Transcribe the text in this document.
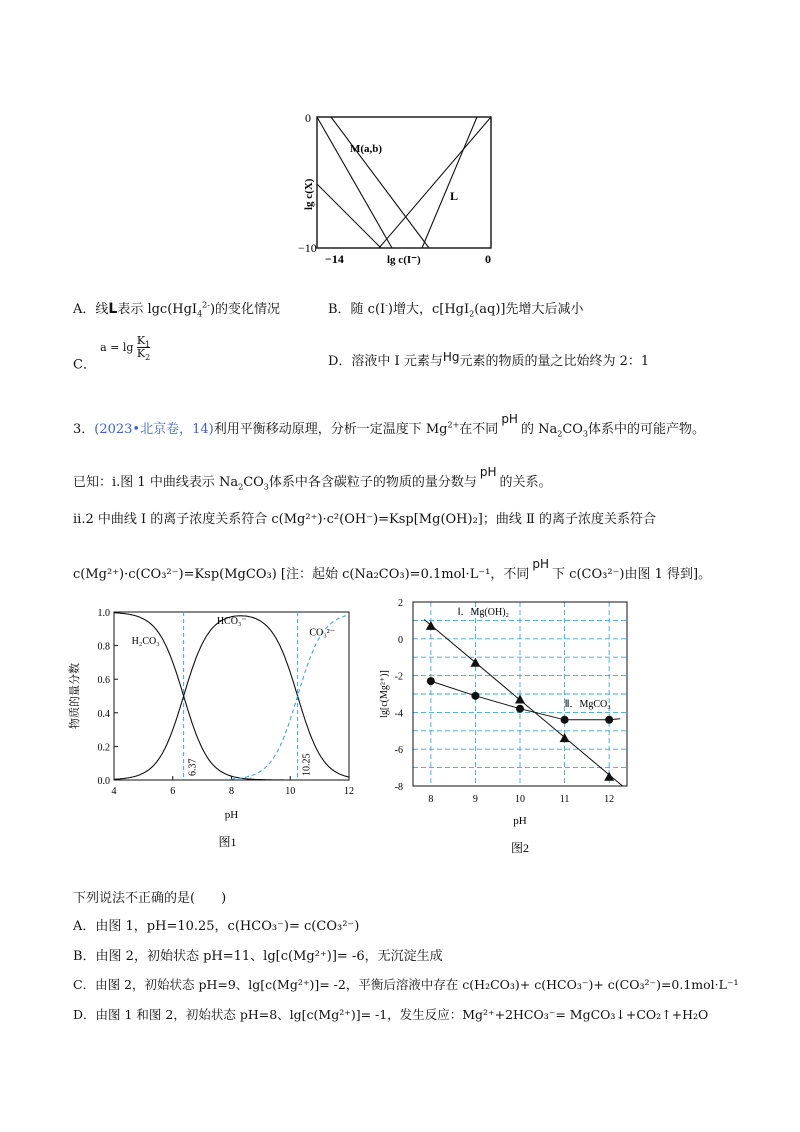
0
−10
−14	0
lg c(I⁻)
lg c(X)
M(a,b)
L
A．线L表示 lgc(HgI$_4^{2-}$)的变化情况	B．随 c(I-)增大，c[HgI$_2$(aq)]先增大后减小
C． $^{a = lg \frac{K_1}{K_2}}$
D．溶液中 I 元素与Hg元素的物质的量之比始终为 2：1
3．(2023•北京卷，14)利用平衡移动原理，分析一定温度下 $Mg^{2+}$在不同pH的 $Na_2CO_3$体系中的可能产物。
已知：i.图 1 中曲线表示 $Na_2CO_3$体系中各含碳粒子的物质的量分数与pH的关系。
ii.2 中曲线 Ⅰ 的离子浓度关系符合 c(Mg²⁺)·c²(OH⁻)=Ksp[Mg(OH)₂]；曲线 Ⅱ 的离子浓度关系符合
c(Mg²⁺)·c(CO₃²⁻)=Ksp(MgCO₃) [注：起始 c(Na₂CO₃)=0.1mol·L⁻¹，不同pH下 c(CO₃²⁻)由图 1 得到]。
4	6	8	10	12
0.0
0.2
0.4
0.6
0.8
1.0
H₂CO₃
HCO₃⁻
CO₃²⁻
6.37	10.25
物质的量分数
pH
图1
8	9	10	11	12
2
0
-2
-4
-6
-8
Ⅰ．Mg(OH)₂
Ⅱ．MgCO₃
lg[c(Mg²⁺)]
pH
图2
下列说法不正确的是(　　)
A．由图 1，pH=10.25，c(HCO₃⁻)= c(CO₃²⁻)
B．由图 2，初始状态 pH=11、lg[c(Mg²⁺)]= -6，无沉淀生成
C．由图 2，初始状态 pH=9、lg[c(Mg²⁺)]= -2，平衡后溶液中存在 c(H₂CO₃)+ c(HCO₃⁻)+ c(CO₃²⁻)=0.1mol·L⁻¹
D．由图 1 和图 2，初始状态 pH=8、lg[c(Mg²⁺)]= -1，发生反应：Mg²⁺+2HCO₃⁻= MgCO₃↓+CO₂↑+H₂O
